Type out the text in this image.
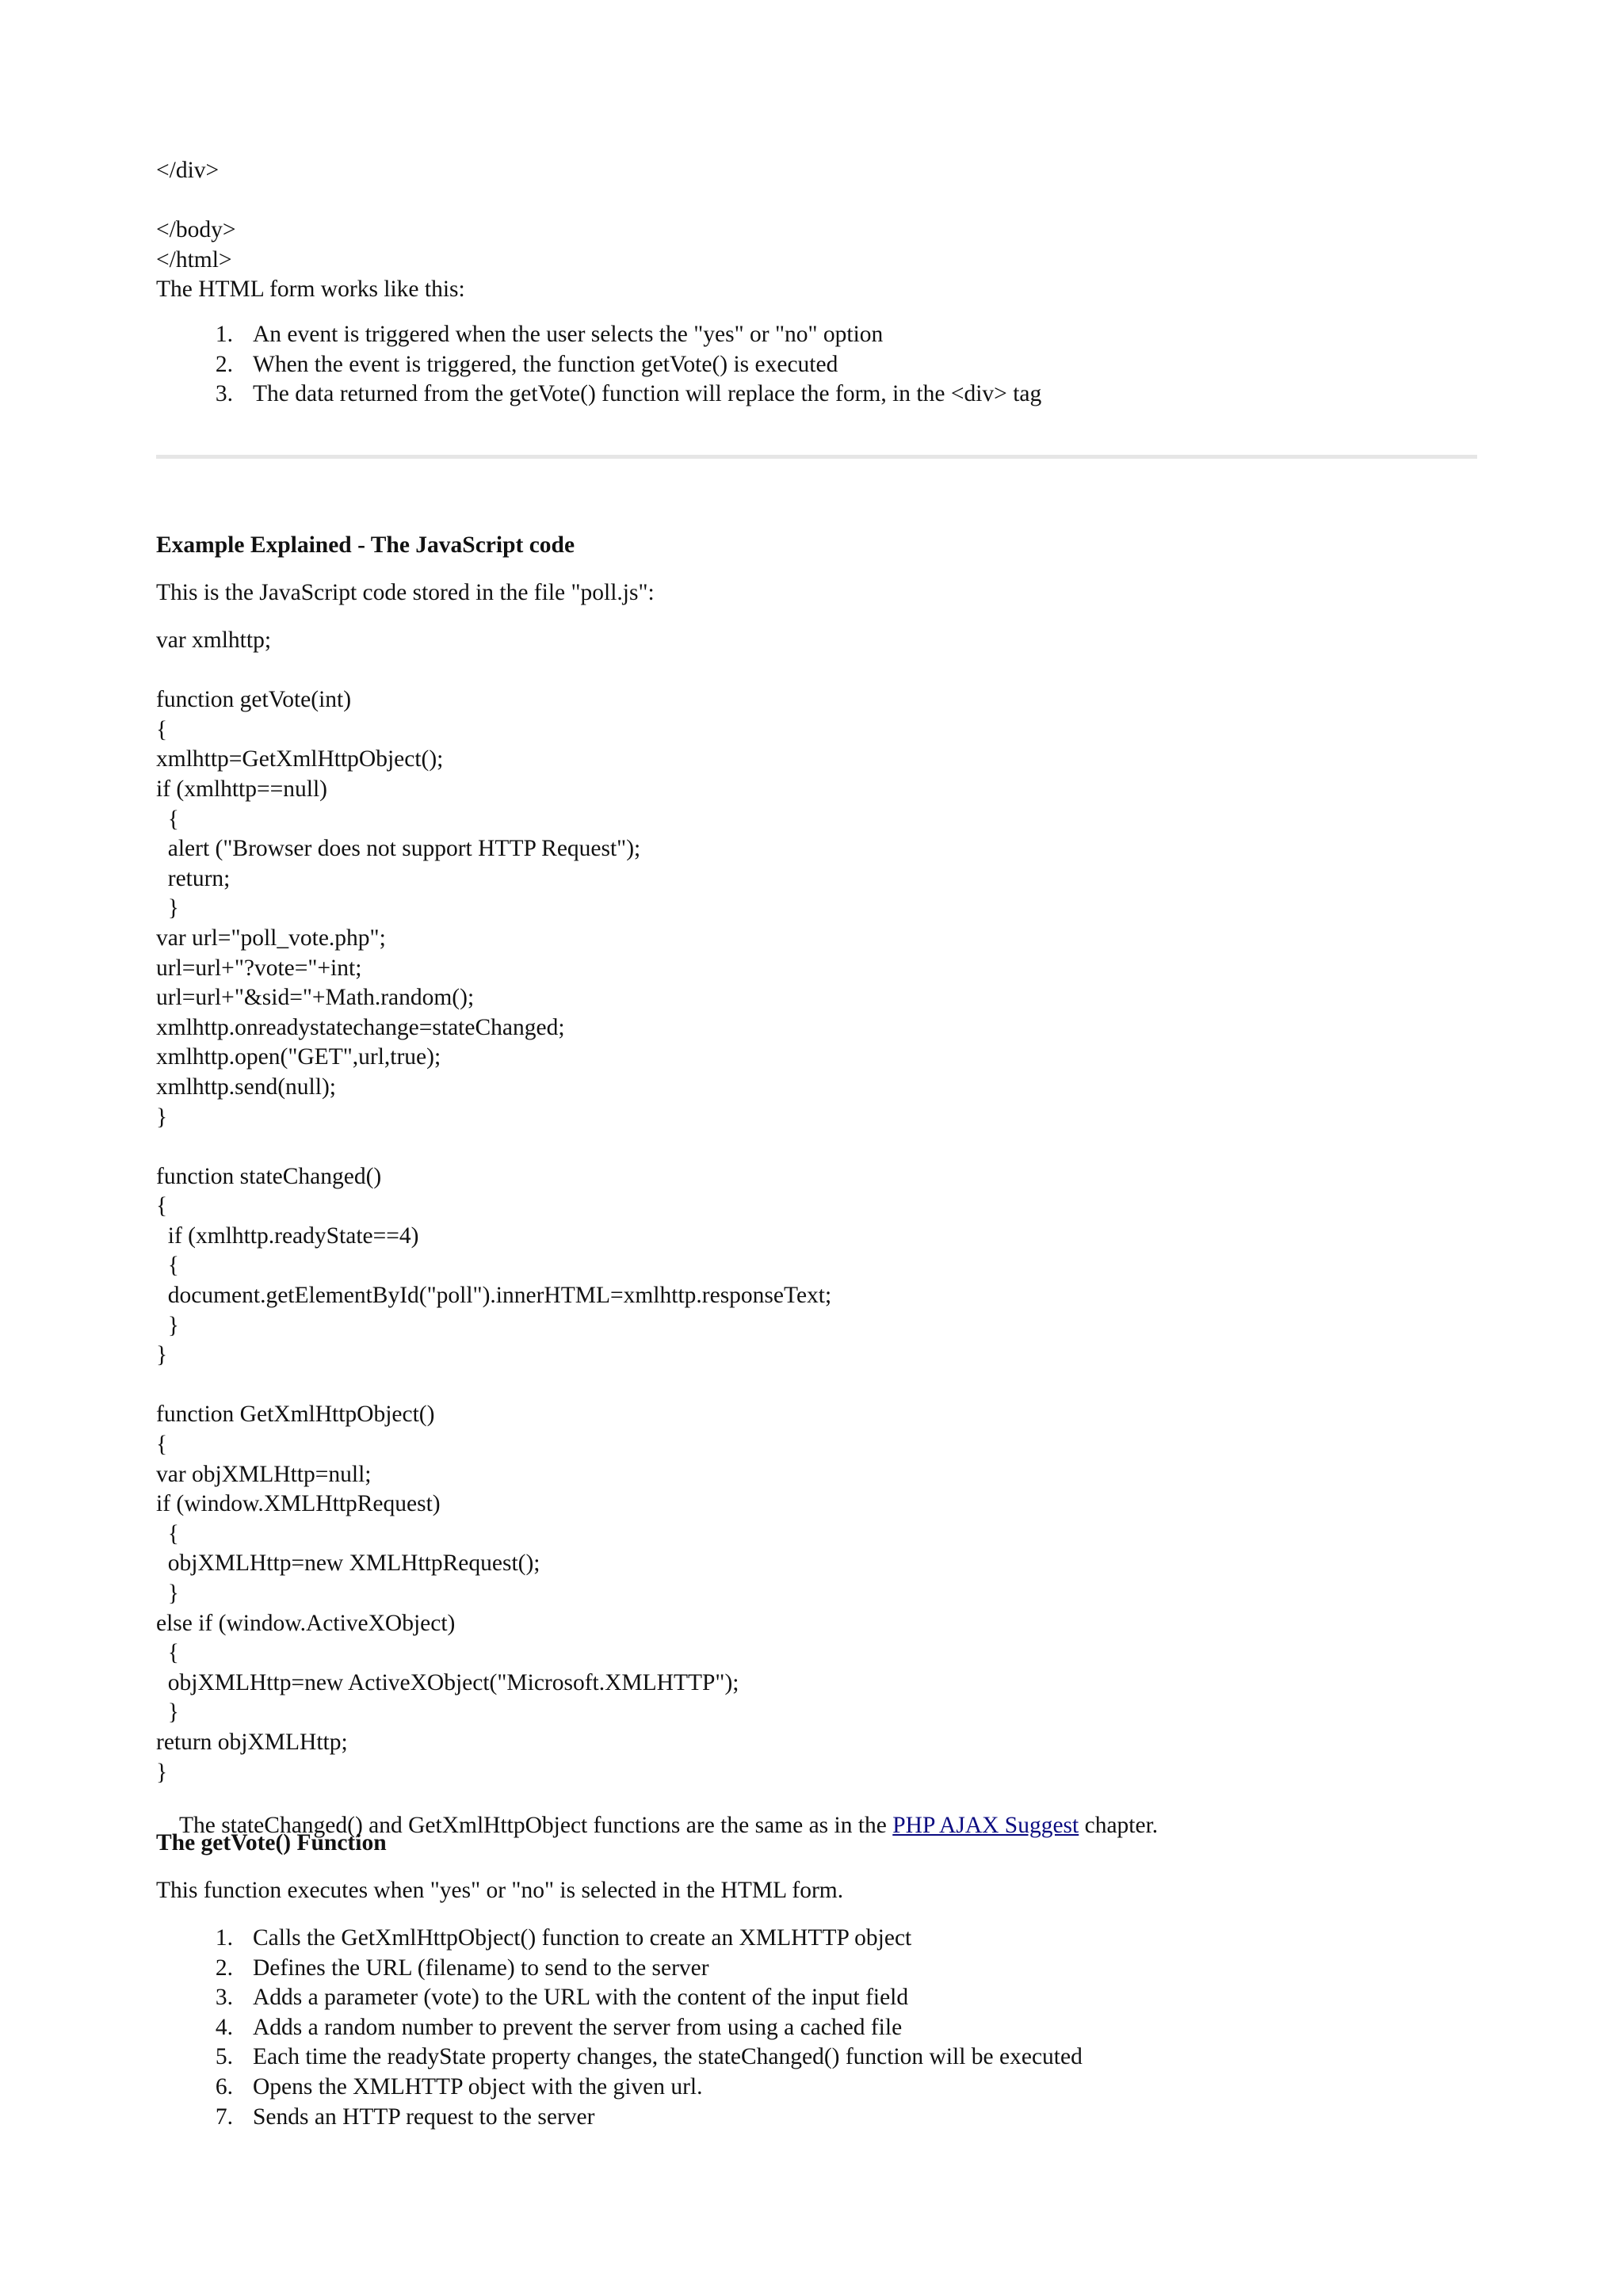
</div>
</body>
</html>
The HTML form works like this:
1. An event is triggered when the user selects the "yes" or "no" option
2. When the event is triggered, the function getVote() is executed
3. The data returned from the getVote() function will replace the form, in the <div> tag
Example Explained - The JavaScript code
This is the JavaScript code stored in the file "poll.js":
var xmlhttp;
function getVote(int)
{
xmlhttp=GetXmlHttpObject();
if (xmlhttp==null)
{
alert ("Browser does not support HTTP Request");
return;
}
var url="poll_vote.php";
url=url+"?vote="+int;
url=url+"&sid="+Math.random();
xmlhttp.onreadystatechange=stateChanged;
xmlhttp.open("GET",url,true);
xmlhttp.send(null);
}
function stateChanged()
{
if (xmlhttp.readyState==4)
{
document.getElementById("poll").innerHTML=xmlhttp.responseText;
}
}
function GetXmlHttpObject()
{
var objXMLHttp=null;
if (window.XMLHttpRequest)
{
objXMLHttp=new XMLHttpRequest();
}
else if (window.ActiveXObject)
{
objXMLHttp=new ActiveXObject("Microsoft.XMLHTTP");
}
return objXMLHttp;
}

The stateChanged() and GetXmlHttpObject functions are the same as in the PHP AJAX Suggest chapter.

The getVote() Function
This function executes when "yes" or "no" is selected in the HTML form.
1. Calls the GetXmlHttpObject() function to create an XMLHTTP object
2. Defines the URL (filename) to send to the server
3. Adds a parameter (vote) to the URL with the content of the input field
4. Adds a random number to prevent the server from using a cached file
5. Each time the readyState property changes, the stateChanged() function will be executed
6. Opens the XMLHTTP object with the given url.
7. Sends an HTTP request to the server
